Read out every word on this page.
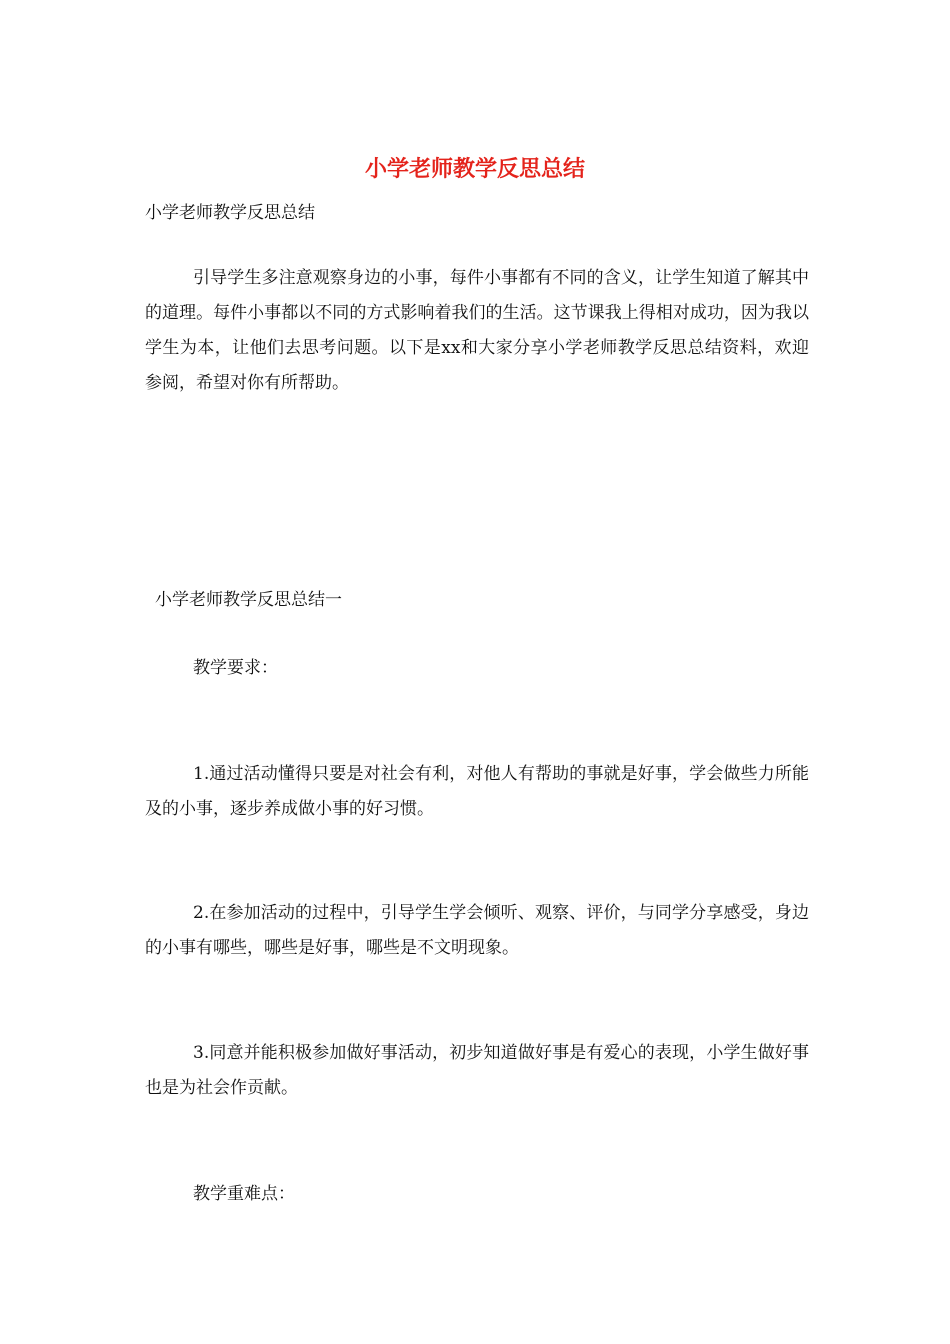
小学老师教学反思总结

小学老师教学反思总结

引导学生多注意观察身边的小事，每件小事都有不同的含义，让学生知道了解其中的道理。每件小事都以不同的方式影响着我们的生活。这节课我上得相对成功，因为我以学生为本，让他们去思考问题。以下是xx和大家分享小学老师教学反思总结资料，欢迎参阅，希望对你有所帮助。

小学老师教学反思总结一

教学要求：

1.通过活动懂得只要是对社会有利，对他人有帮助的事就是好事，学会做些力所能及的小事，逐步养成做小事的好习惯。

2.在参加活动的过程中，引导学生学会倾听、观察、评价，与同学分享感受，身边的小事有哪些，哪些是好事，哪些是不文明现象。

3.同意并能积极参加做好事活动，初步知道做好事是有爱心的表现，小学生做好事也是为社会作贡献。

教学重难点：
